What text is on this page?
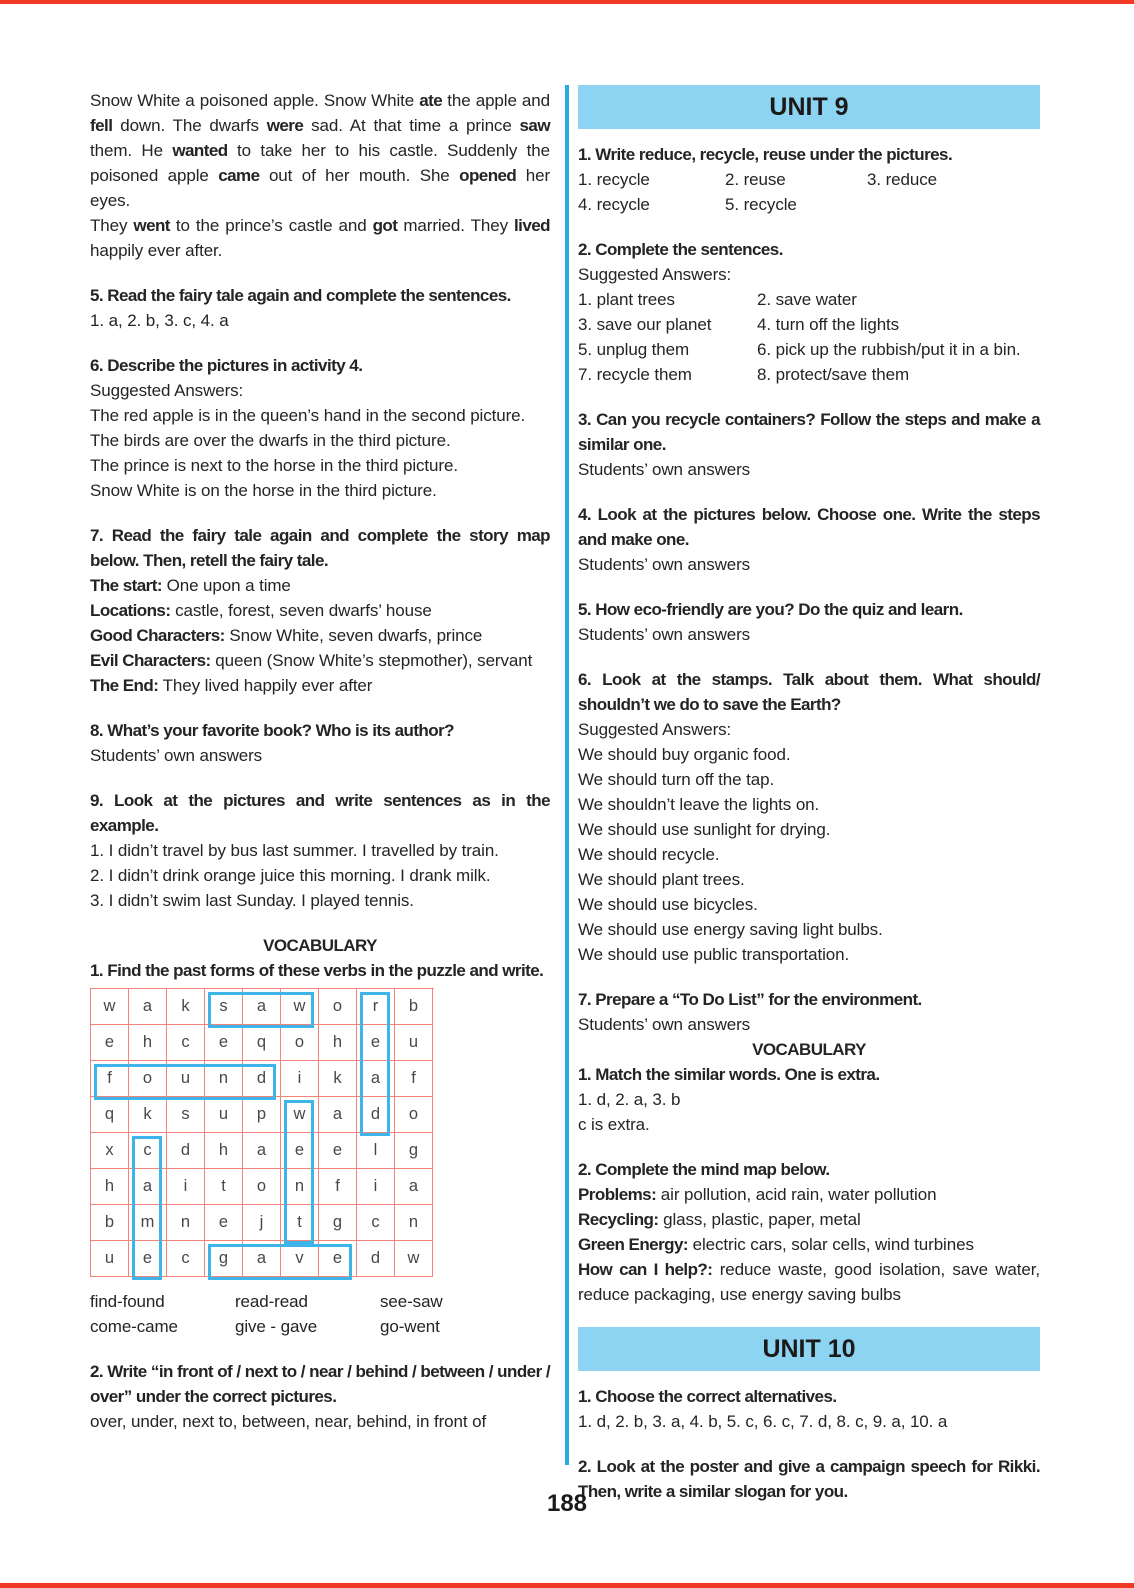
Snow White a poisoned apple. Snow White ate the apple and fell down. The dwarfs were sad. At that time a prince saw them. He wanted to take her to his castle. Suddenly the poisoned apple came out of her mouth. She opened her eyes.
They went to the prince’s castle and got married. They lived happily ever after.
5. Read the fairy tale again and complete the sentences.
1. a, 2. b, 3. c, 4. a
6. Describe the pictures in activity 4.
Suggested Answers:
The red apple is in the queen’s hand in the second picture.
The birds are over the dwarfs in the third picture.
The prince is next to the horse in the third picture.
Snow White is on the horse in the third picture.
7. Read the fairy tale again and complete the story map below. Then, retell the fairy tale.
The start: One upon a time
Locations: castle, forest, seven dwarfs’ house
Good Characters: Snow White, seven dwarfs, prince
Evil Characters: queen (Snow White’s stepmother), servant
The End: They lived happily ever after
8. What’s your favorite book? Who is its author?
Students’ own answers
9. Look at the pictures and write sentences as in the example.
1. I didn’t travel by bus last summer. I travelled by train.
2. I didn’t drink orange juice this morning. I drank milk.
3. I didn’t swim last Sunday. I played tennis.
VOCABULARY
1. Find the past forms of these verbs in the puzzle and write.
w	a	k	s	a	w	o	r	b
e	h	c	e	q	o	h	e	u
f	o	u	n	d	i	k	a	f
q	k	s	u	p	w	a	d	o
x	c	d	h	a	e	e	l	g
h	a	i	t	o	n	f	i	a
b	m	n	e	j	t	g	c	n
u	e	c	g	a	v	e	d	w
find-found	read-read	see-saw
come-came	give - gave	go-went
2. Write “in front of / next to / near / behind / between / under / over” under the correct pictures.
over, under, next to, between, near, behind, in front of
UNIT 9
1. Write reduce, recycle, reuse under the pictures.
1. recycle	2. reuse	3. reduce
4. recycle	5. recycle
2. Complete the sentences.
Suggested Answers:
1. plant trees	2. save water
3. save our planet	4. turn off the lights
5. unplug them	6. pick up the rubbish/put it in a bin.
7. recycle them	8. protect/save them
3. Can you recycle containers? Follow the steps and make a similar one.
Students’ own answers
4. Look at the pictures below. Choose one. Write the steps and make one.
Students’ own answers
5. How eco-friendly are you? Do the quiz and learn.
Students’ own answers
6. Look at the stamps. Talk about them. What should/ shouldn’t we do to save the Earth?
Suggested Answers:
We should buy organic food.
We should turn off the tap.
We shouldn’t leave the lights on.
We should use sunlight for drying.
We should recycle.
We should plant trees.
We should use bicycles.
We should use energy saving light bulbs.
We should use public transportation.
7. Prepare a “To Do List” for the environment.
Students’ own answers
VOCABULARY
1. Match the similar words. One is extra.
1. d, 2. a, 3. b
c is extra.
2. Complete the mind map below.
Problems: air pollution, acid rain, water pollution
Recycling: glass, plastic, paper, metal
Green Energy: electric cars, solar cells, wind turbines
How can I help?: reduce waste, good isolation, save water, reduce packaging, use energy saving bulbs
UNIT 10
1. Choose the correct alternatives.
1. d, 2. b, 3. a, 4. b, 5. c, 6. c, 7. d, 8. c, 9. a, 10. a
2. Look at the poster and give a campaign speech for Rikki. Then, write a similar slogan for you.
188
